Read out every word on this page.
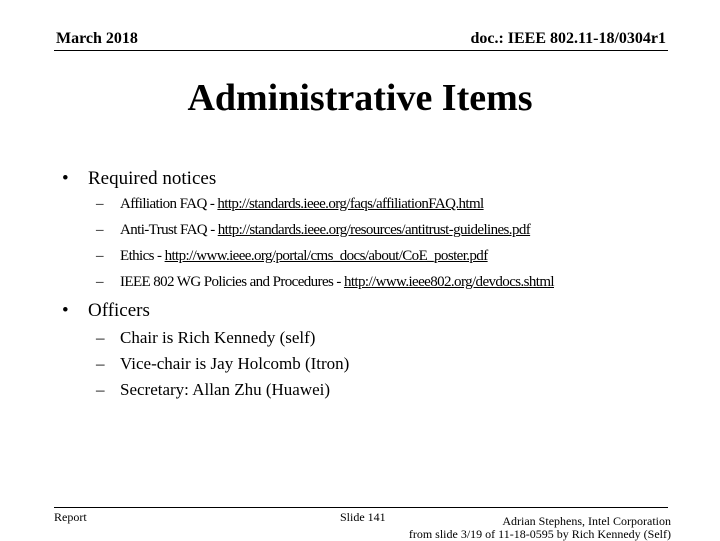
March 2018	doc.: IEEE 802.11-18/0304r1
Administrative Items
• Required notices
– Affiliation FAQ - http://standards.ieee.org/faqs/affiliationFAQ.html
– Anti-Trust FAQ - http://standards.ieee.org/resources/antitrust-guidelines.pdf
– Ethics - http://www.ieee.org/portal/cms_docs/about/CoE_poster.pdf
– IEEE 802 WG Policies and Procedures - http://www.ieee802.org/devdocs.shtml
• Officers
– Chair is Rich Kennedy (self)
– Vice-chair is Jay Holcomb (Itron)
– Secretary: Allan Zhu (Huawei)
Report	Slide 141	Adrian Stephens, Intel Corporation
from slide 3/19 of 11-18-0595 by Rich Kennedy (Self)
